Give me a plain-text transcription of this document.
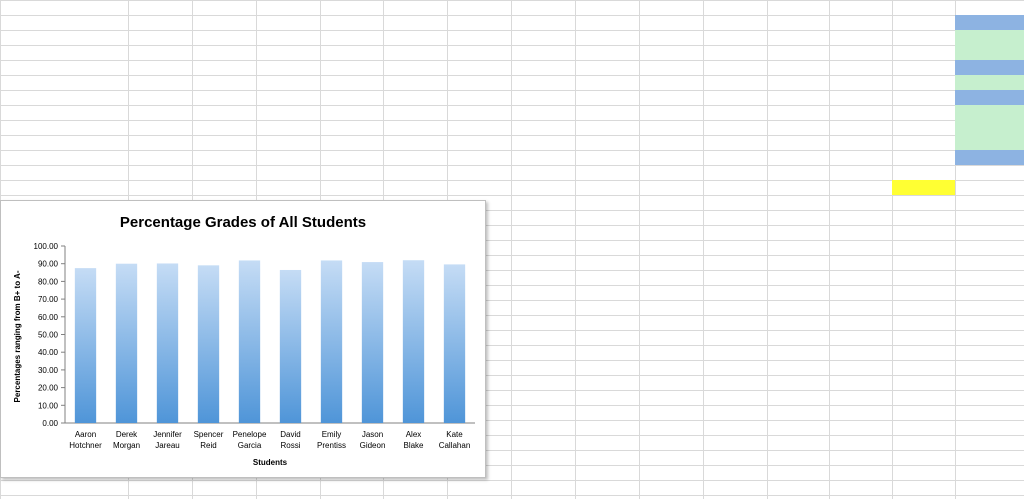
Percentage Grades of All Students
0.00
10.00
20.00
30.00
40.00
50.00
60.00
70.00
80.00
90.00
100.00
Aaron
Hotchner
Derek
Morgan
Jennifer
Jareau
Spencer
Reid
Penelope
Garcia
David
Rossi
Emily
Prentiss
Jason
Gideon
Alex
Blake
Kate
Callahan
Students
Percentages ranging from B+ to A-
